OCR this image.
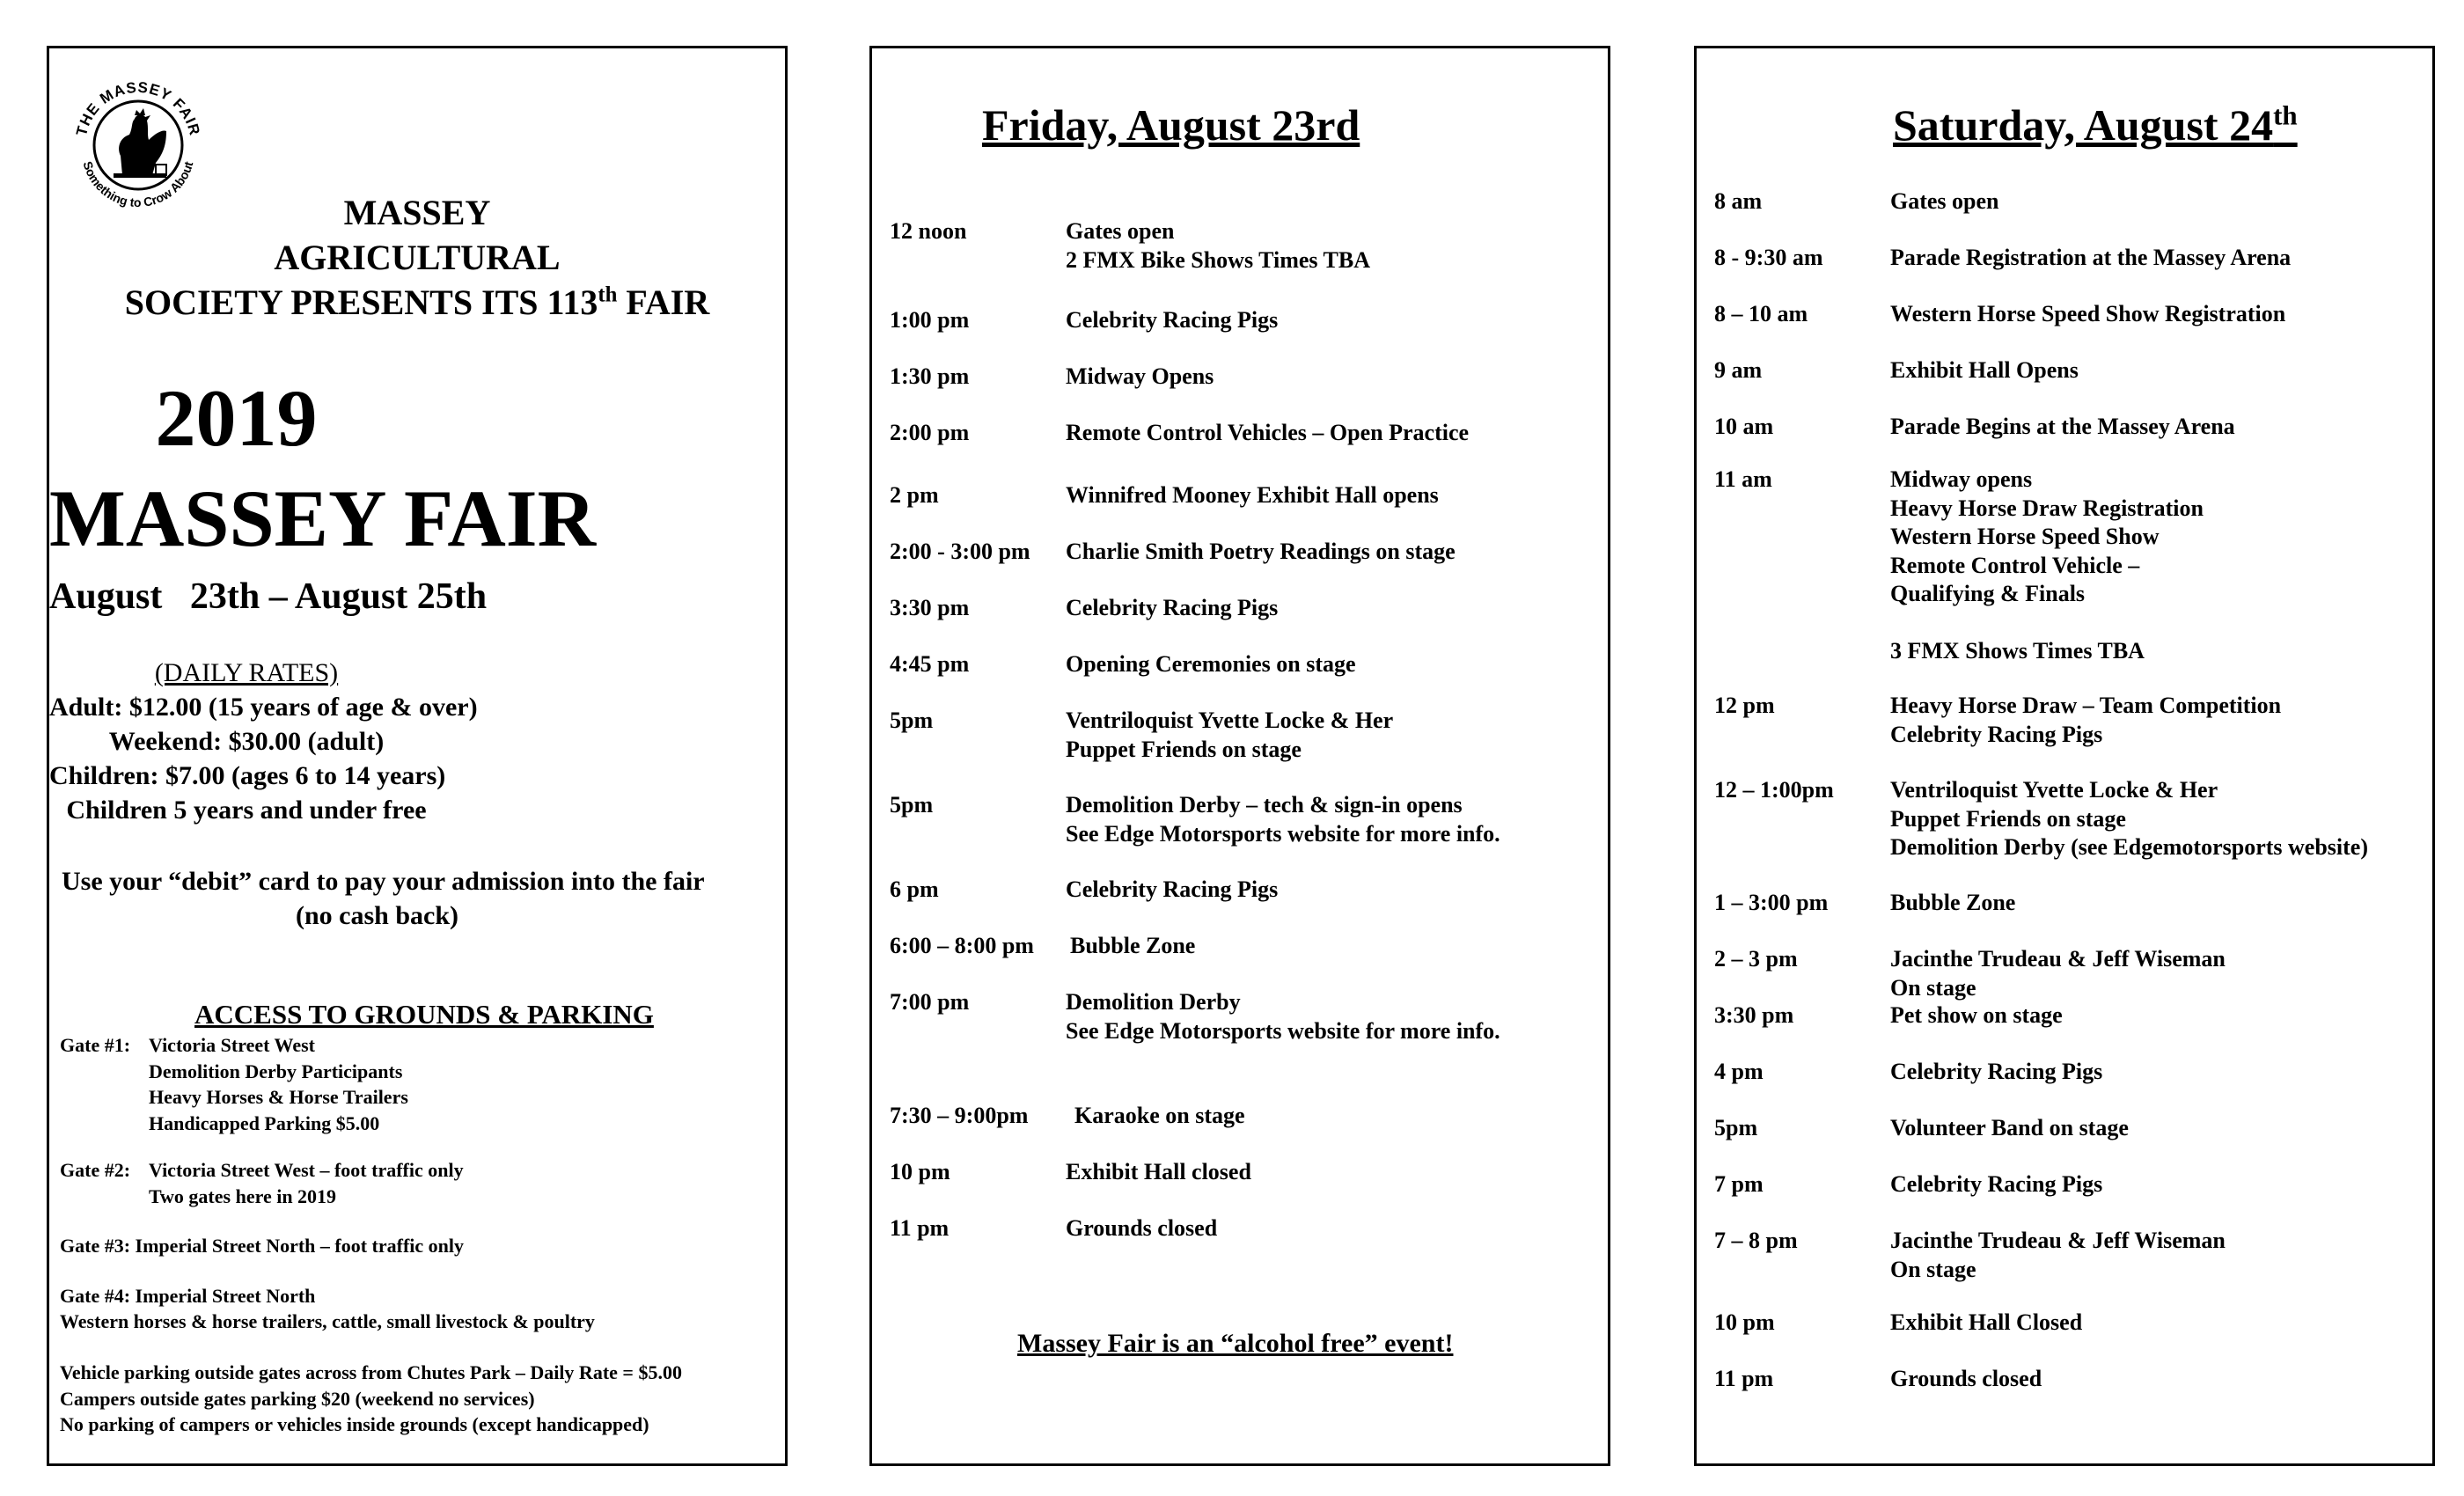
THE MASSEY FAIR
Something to Crow About
MASSEY
AGRICULTURAL
SOCIETY PRESENTS ITS 113th FAIR
2019
MASSEY FAIR
August   23th – August 25th
(DAILY RATES)
Adult: $12.00 (15 years of age & over)
Weekend: $30.00 (adult)
Children: $7.00 (ages 6 to 14 years)
Children 5 years and under free
Use your “debit” card to pay your admission into the fair
(no cash back)
ACCESS TO GROUNDS & PARKING
Gate #1: Victoria Street West
Demolition Derby Participants
Heavy Horses & Horse Trailers
Handicapped Parking $5.00
Gate #2: Victoria Street West – foot traffic only
Two gates here in 2019
Gate #3: Imperial Street North – foot traffic only
Gate #4: Imperial Street North
Western horses & horse trailers, cattle, small livestock & poultry
Vehicle parking outside gates across from Chutes Park – Daily Rate = $5.00
Campers outside gates parking $20 (weekend no services)
No parking of campers or vehicles inside grounds (except handicapped)
Friday, August 23rd
12 noon	Gates open
2 FMX Bike Shows Times TBA
1:00 pm	Celebrity Racing Pigs
1:30 pm	Midway Opens
2:00 pm	Remote Control Vehicles – Open Practice
2 pm	Winnifred Mooney Exhibit Hall opens
2:00 - 3:00 pm Charlie Smith Poetry Readings on stage
3:30 pm	Celebrity Racing Pigs
4:45 pm	Opening Ceremonies on stage
5pm	Ventriloquist Yvette Locke & Her
Puppet Friends on stage
5pm	Demolition Derby – tech & sign-in opens
See Edge Motorsports website for more info.
6 pm	Celebrity Racing Pigs
6:00 – 8:00 pm Bubble Zone
7:00 pm	Demolition Derby
See Edge Motorsports website for more info.
7:30 – 9:00pm Karaoke on stage
10 pm	Exhibit Hall closed
11 pm	Grounds closed
Massey Fair is an “alcohol free” event!
Saturday, August 24th
8 am	Gates open
8 - 9:30 am	Parade Registration at the Massey Arena
8 – 10 am	Western Horse Speed Show Registration
9 am	Exhibit Hall Opens
10 am	Parade Begins at the Massey Arena
11 am	Midway opens
Heavy Horse Draw Registration
Western Horse Speed Show
Remote Control Vehicle –
Qualifying & Finals
3 FMX Shows Times TBA
12 pm	Heavy Horse Draw – Team Competition
Celebrity Racing Pigs
12 – 1:00pm Ventriloquist Yvette Locke & Her
Puppet Friends on stage
Demolition Derby (see Edgemotorsports website)
1 – 3:00 pm	Bubble Zone
2 – 3 pm	Jacinthe Trudeau & Jeff Wiseman
On stage
3:30 pm	Pet show on stage
4 pm	Celebrity Racing Pigs
5pm	Volunteer Band on stage
7 pm	Celebrity Racing Pigs
7 – 8 pm	Jacinthe Trudeau & Jeff Wiseman
On stage
10 pm	Exhibit Hall Closed
11 pm	Grounds closed
